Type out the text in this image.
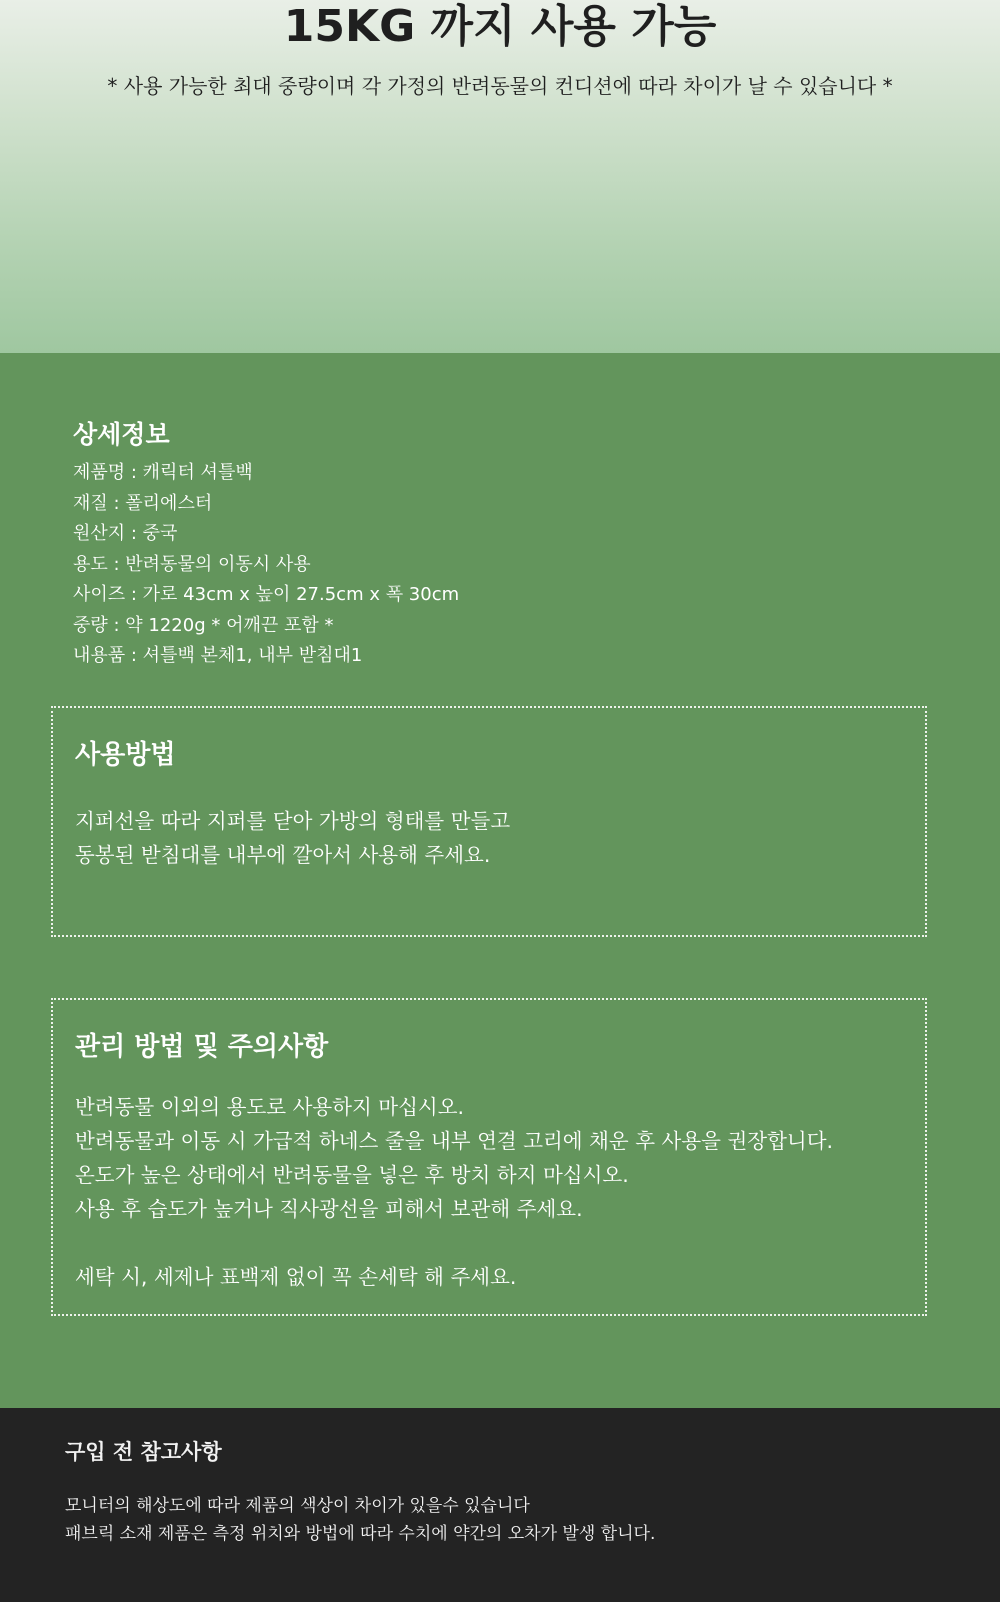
15KG 까지 사용 가능

* 사용 가능한 최대 중량이며 각 가정의 반려동물의 컨디션에 따라 차이가 날 수 있습니다 *

상세정보
제품명 : 캐릭터 셔틀백
재질 : 폴리에스터
원산지 : 중국
용도 : 반려동물의 이동시 사용
사이즈 : 가로 43cm x 높이 27.5cm x 폭 30cm
중량 : 약 1220g * 어깨끈 포함 *
내용품 : 셔틀백 본체1, 내부 받침대1
사용방법
지퍼선을 따라 지퍼를 닫아 가방의 형태를 만들고
동봉된 받침대를 내부에 깔아서 사용해 주세요.
관리 방법 및 주의사항
반려동물 이외의 용도로 사용하지 마십시오.
반려동물과 이동 시 가급적 하네스 줄을 내부 연결 고리에 채운 후 사용을 권장합니다.
온도가 높은 상태에서 반려동물을 넣은 후 방치 하지 마십시오.
사용 후 습도가 높거나 직사광선을 피해서 보관해 주세요.
세탁 시, 세제나 표백제 없이 꼭 손세탁 해 주세요.
구입 전 참고사항
모니터의 해상도에 따라 제품의 색상이 차이가 있을수 있습니다
패브릭 소재 제품은 측정 위치와 방법에 따라 수치에 약간의 오차가 발생 합니다.
